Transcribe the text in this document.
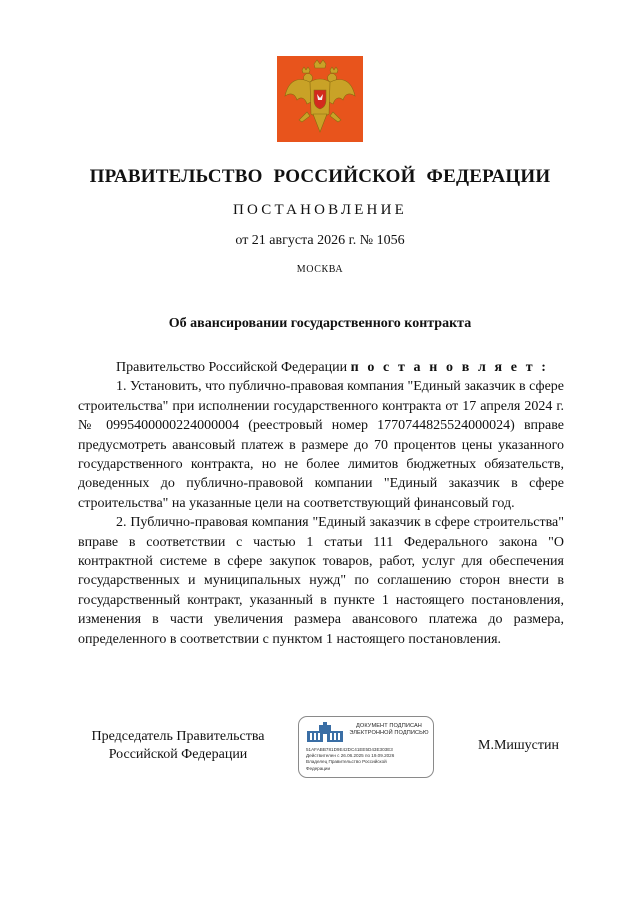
ПРАВИТЕЛЬСТВО РОССИЙСКОЙ ФЕДЕРАЦИИ
ПОСТАНОВЛЕНИЕ
от 21 августа 2026 г. № 1056
МОСКВА
Об авансировании государственного контракта

Правительство Российской Федерации п о с т а н о в л я е т :

1. Установить, что публично-правовая компания "Единый заказчик в сфере строительства" при исполнении государственного контракта от 17 апреля 2024 г. № 0995400000224000004 (реестровый номер 1770744825524000024) вправе предусмотреть авансовый платеж в размере до 70 процентов цены указанного государственного контракта, но не более лимитов бюджетных обязательств, доведенных до публично-правовой компании "Единый заказчик в сфере строительства" на указанные цели на соответствующий финансовый год.

2. Публично-правовая компания "Единый заказчик в сфере строительства" вправе в соответствии с частью 1 статьи 111 Федерального закона "О контрактной системе в сфере закупок товаров, работ, услуг для обеспечения государственных и муниципальных нужд" по соглашению сторон внести в государственный контракт, указанный в пункте 1 настоящего постановления, изменения в части увеличения размера авансового платежа до размера, определенного в соответствии с пунктом 1 настоящего постановления.

Председатель Правительства
Российской Федерации
ДОКУМЕНТ ПОДПИСАН
ЭЛЕКТРОННОЙ ПОДПИСЬЮ
51AFABB781D9E42DC41EE5D43E303E3
Действителен с 26.06.2025 по 19.09.2026
Владелец Правительство Российской
Федерации
М.Мишустин
